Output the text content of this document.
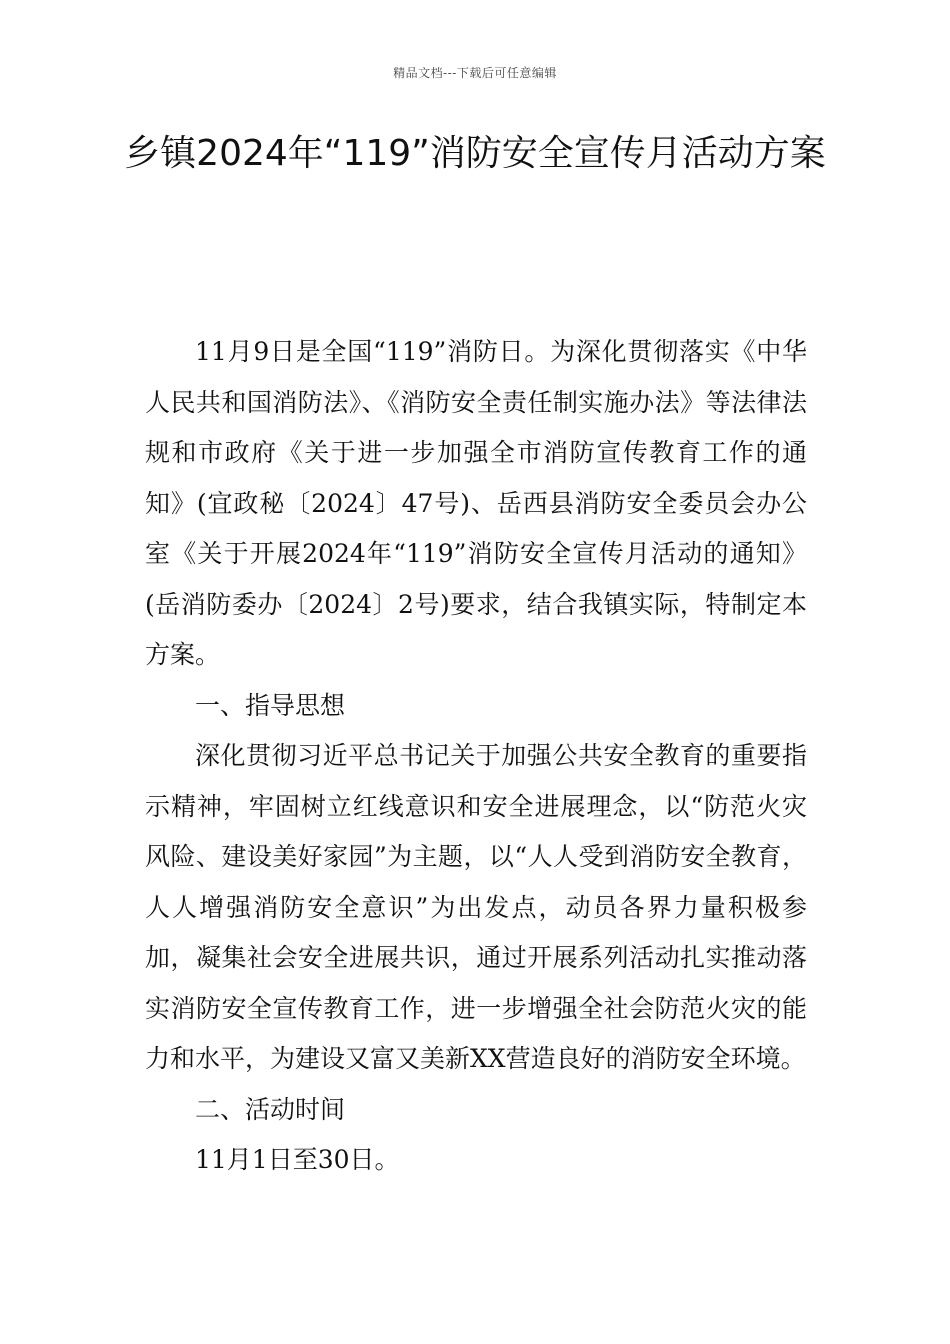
精品文档---下载后可任意编辑
乡镇2024年“119”消防安全宣传月活动方案

11月9日是全国“119”消防日。为深化贯彻落实《中华人民共和国消防法》、《消防安全责任制实施办法》等法律法规和市政府《关于进一步加强全市消防宣传教育工作的通知》(宜政秘〔2024〕47号)、岳西县消防安全委员会办公室《关于开展2024年“119”消防安全宣传月活动的通知》(岳消防委办〔2024〕2号)要求，结合我镇实际，特制定本方案。

一、指导思想

深化贯彻习近平总书记关于加强公共安全教育的重要指示精神，牢固树立红线意识和安全进展理念，以“防范火灾风险、建设美好家园”为主题，以“人人受到消防安全教育，人人增强消防安全意识”为出发点，动员各界力量积极参加，凝集社会安全进展共识，通过开展系列活动扎实推动落实消防安全宣传教育工作，进一步增强全社会防范火灾的能力和水平，为建设又富又美新XX营造良好的消防安全环境。

二、活动时间

11月1日至30日。
